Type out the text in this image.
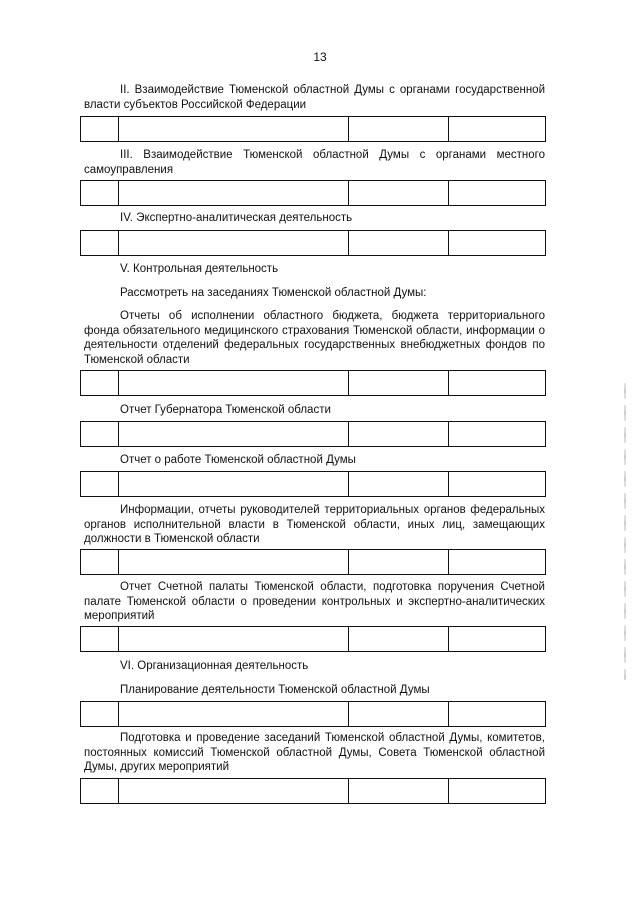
13
II. Взаимодействие Тюменской областной Думы с органами государственной власти субъектов Российской Федерации
III. Взаимодействие Тюменской областной Думы с органами местного самоуправления
IV. Экспертно-аналитическая деятельность
V. Контрольная деятельность
Рассмотреть на заседаниях Тюменской областной Думы:
Отчеты об исполнении областного бюджета, бюджета территориального фонда обязательного медицинского страхования Тюменской области, информации о деятельности отделений федеральных государственных внебюджетных фондов по Тюменской области
Отчет Губернатора Тюменской области
Отчет о работе Тюменской областной Думы
Информации, отчеты руководителей территориальных органов федеральных органов исполнительной власти в Тюменской области, иных лиц, замещающих должности в Тюменской области
Отчет Счетной палаты Тюменской области, подготовка поручения Счетной палате Тюменской области о проведении контрольных и экспертно-аналитических мероприятий
VI. Организационная деятельность
Планирование деятельности Тюменской областной Думы
Подготовка и проведение заседаний Тюменской областной Думы, комитетов, постоянных комиссий Тюменской областной Думы, Совета Тюменской областной Думы, других мероприятий
